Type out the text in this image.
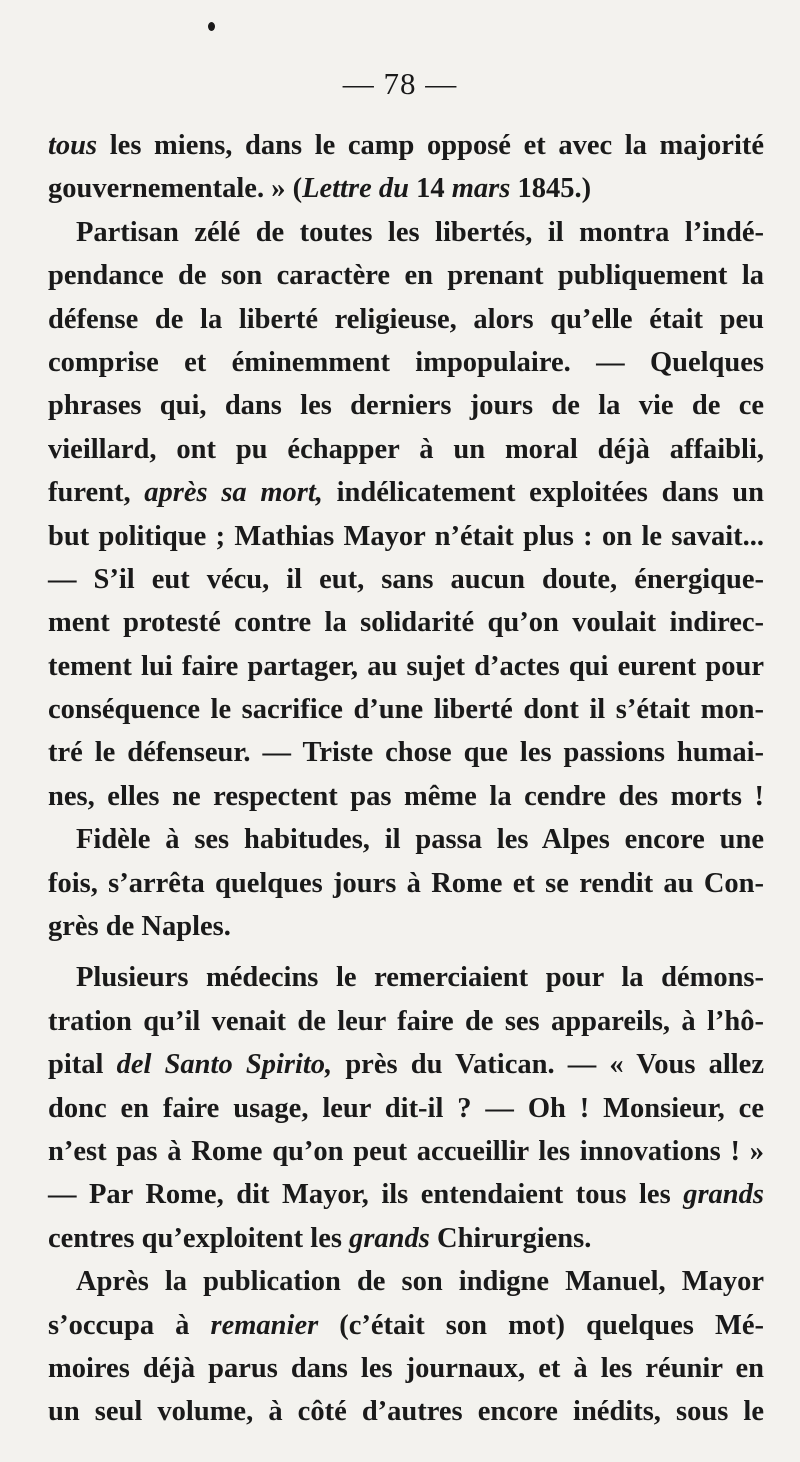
— 78 —
tous les miens, dans le camp opposé et avec la majorité
gouvernementale. » (Lettre du 14 mars 1845.)
Partisan zélé de toutes les libertés, il montra l’indé-
pendance de son caractère en prenant publiquement la
défense de la liberté religieuse, alors qu’elle était peu
comprise et éminemment impopulaire. — Quelques
phrases qui, dans les derniers jours de la vie de ce
vieillard, ont pu échapper à un moral déjà affaibli,
furent, après sa mort, indélicatement exploitées dans un
but politique ; Mathias Mayor n’était plus : on le savait...
— S’il eut vécu, il eut, sans aucun doute, énergique-
ment protesté contre la solidarité qu’on voulait indirec-
tement lui faire partager, au sujet d’actes qui eurent pour
conséquence le sacrifice d’une liberté dont il s’était mon-
tré le défenseur. — Triste chose que les passions humai-
nes, elles ne respectent pas même la cendre des morts !
Fidèle à ses habitudes, il passa les Alpes encore une
fois, s’arrêta quelques jours à Rome et se rendit au Con-
grès de Naples.
Plusieurs médecins le remerciaient pour la démons-
tration qu’il venait de leur faire de ses appareils, à l’hô-
pital del Santo Spirito, près du Vatican. — « Vous allez
donc en faire usage, leur dit-il ? — Oh ! Monsieur, ce
n’est pas à Rome qu’on peut accueillir les innovations ! »
— Par Rome, dit Mayor, ils entendaient tous les grands
centres qu’exploitent les grands Chirurgiens.
Après la publication de son indigne Manuel, Mayor
s’occupa à remanier (c’était son mot) quelques Mé-
moires déjà parus dans les journaux, et à les réunir en
un seul volume, à côté d’autres encore inédits, sous le
